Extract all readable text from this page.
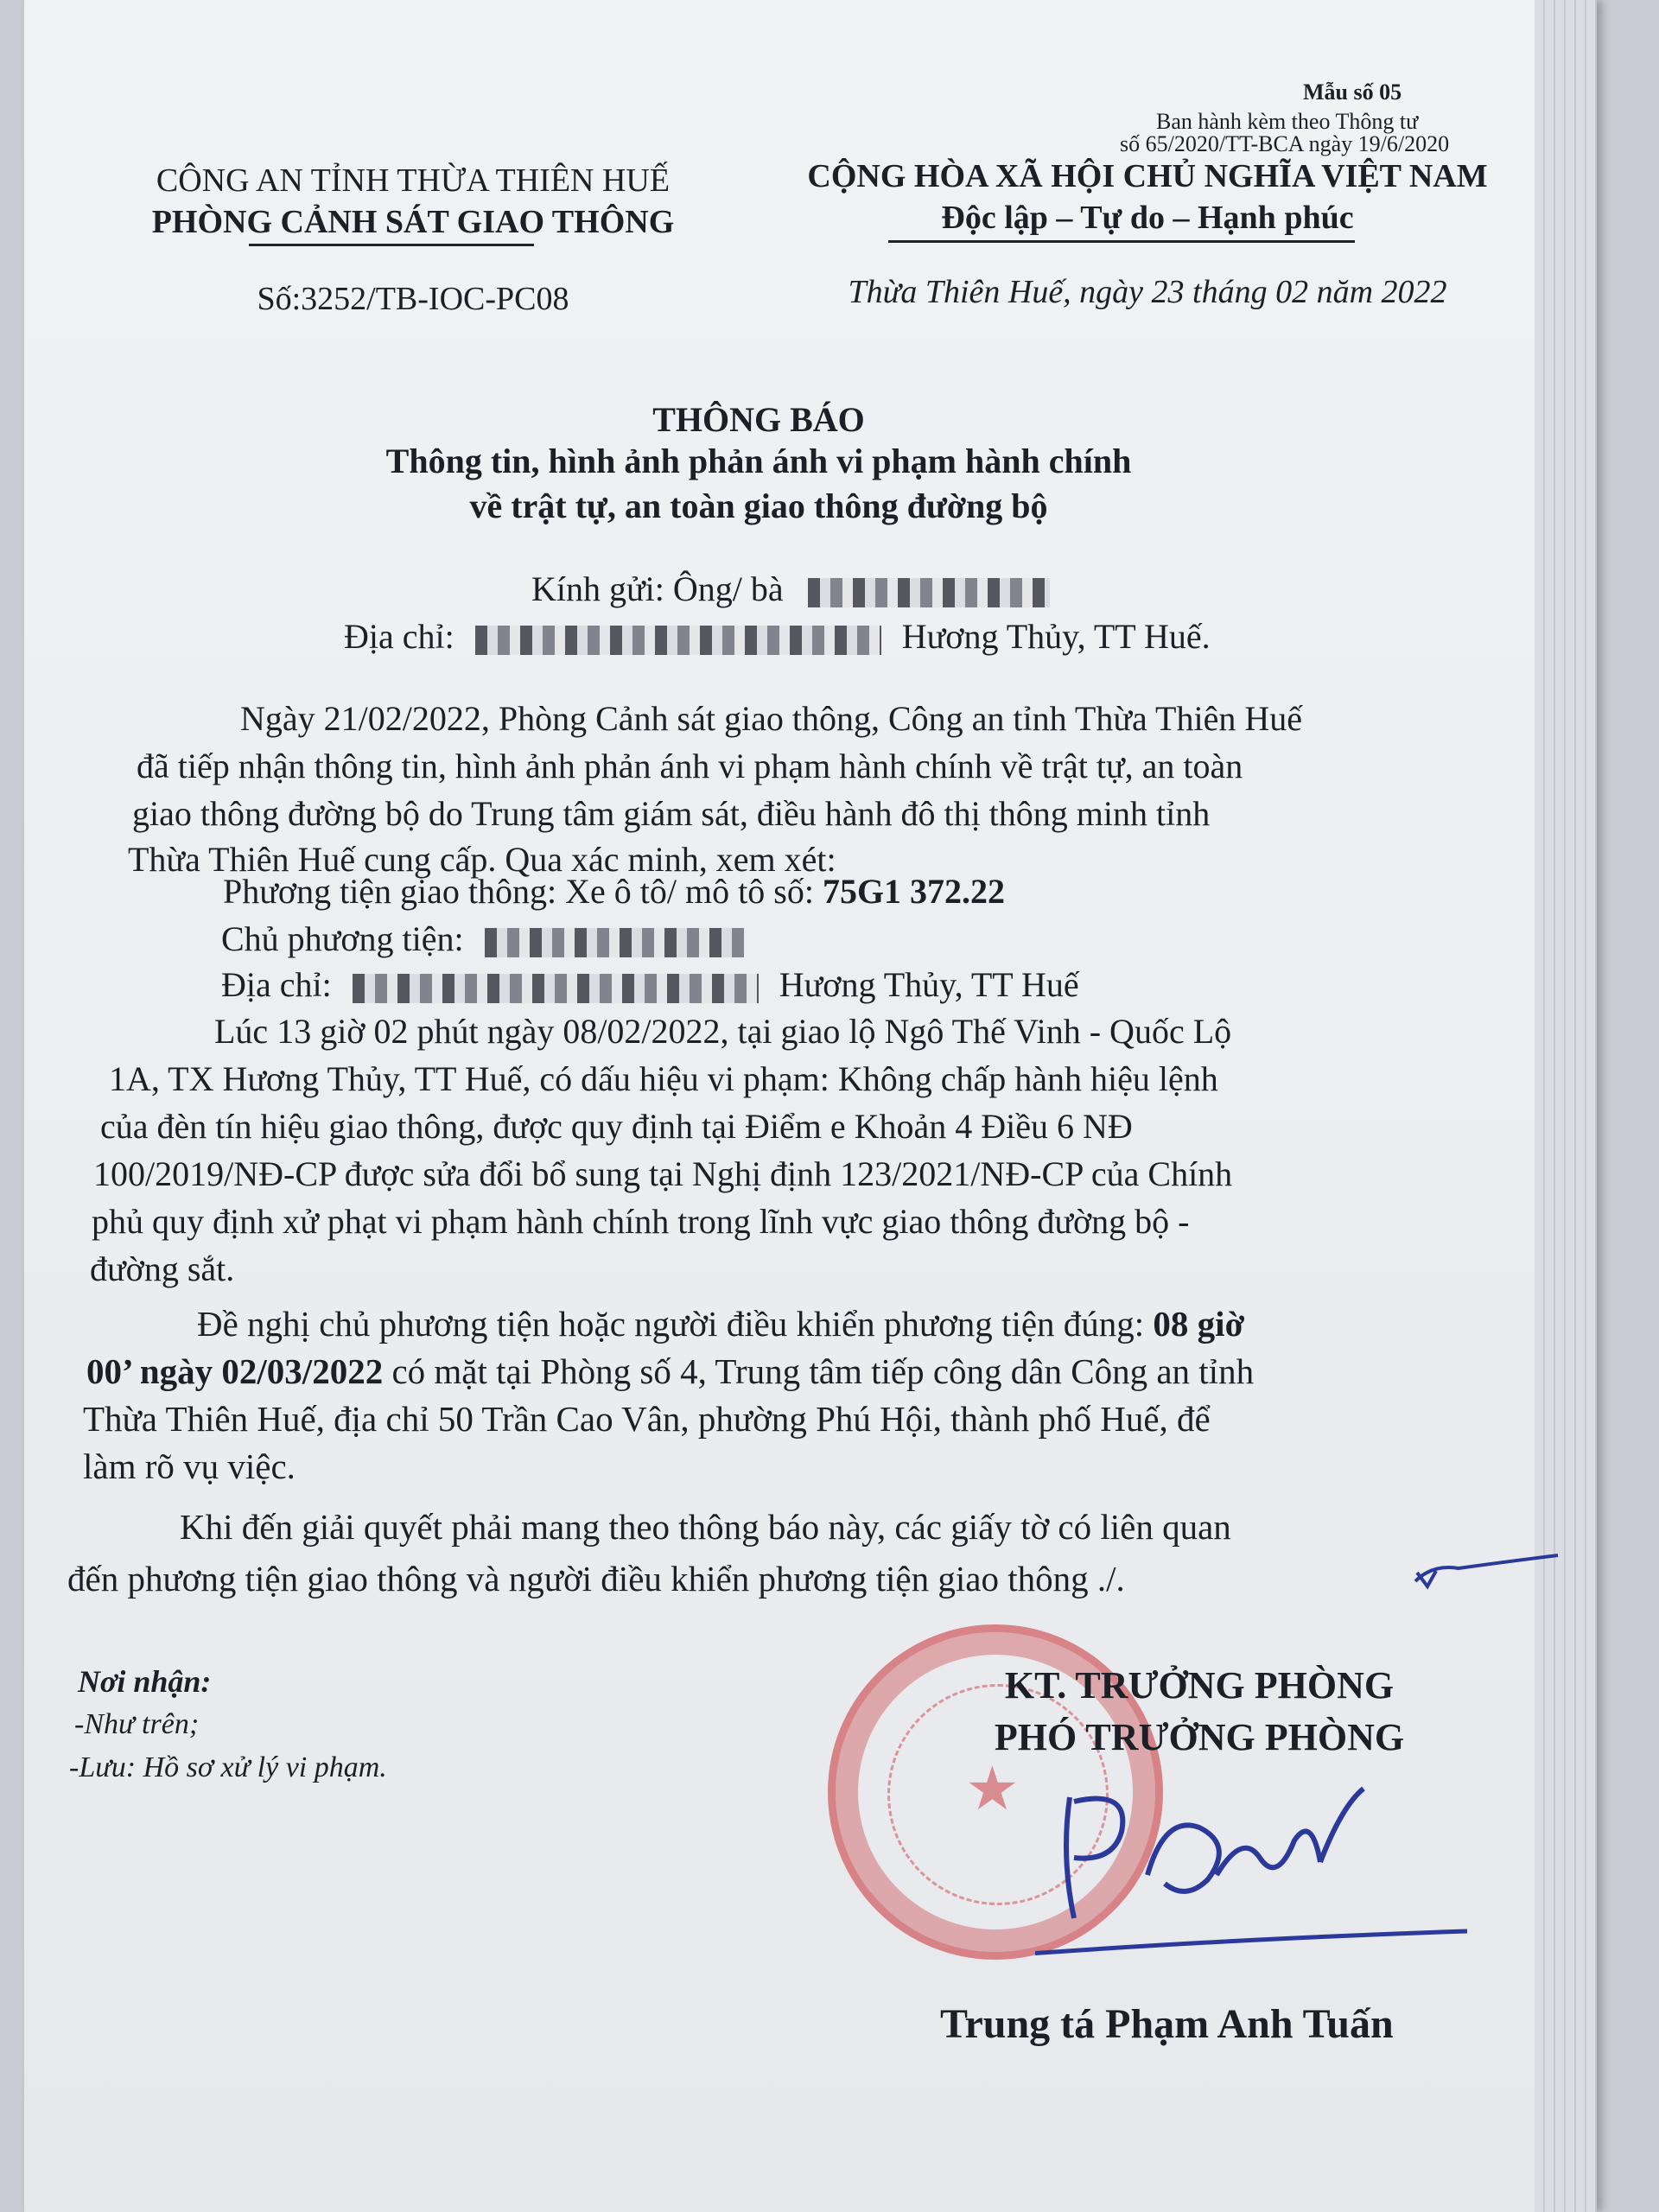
Mẫu số 05
Ban hành kèm theo Thông tư
số 65/2020/TT-BCA ngày 19/6/2020
CÔNG AN TỈNH THỪA THIÊN HUẾ
PHÒNG CẢNH SÁT GIAO THÔNG
Số:3252/TB-IOC-PC08
CỘNG HÒA XÃ HỘI CHỦ NGHĨA VIỆT NAM
Độc lập – Tự do – Hạnh phúc
Thừa Thiên Huế, ngày 23 tháng 02 năm 2022
THÔNG BÁO
Thông tin, hình ảnh phản ánh vi phạm hành chính
về trật tự, an toàn giao thông đường bộ
Kính gửi: Ông/ bà
Địa chỉ:	Hương Thủy, TT Huế.
Ngày 21/02/2022, Phòng Cảnh sát giao thông, Công an tỉnh Thừa Thiên Huế
đã tiếp nhận thông tin, hình ảnh phản ánh vi phạm hành chính về trật tự, an toàn
giao thông đường bộ do Trung tâm giám sát, điều hành đô thị thông minh tỉnh
Thừa Thiên Huế cung cấp. Qua xác minh, xem xét:
Phương tiện giao thông: Xe ô tô/ mô tô số: 75G1 372.22
Chủ phương tiện:
Địa chỉ:	Hương Thủy, TT Huế
Lúc 13 giờ 02 phút ngày 08/02/2022, tại giao lộ Ngô Thế Vinh - Quốc Lộ
1A, TX Hương Thủy, TT Huế, có dấu hiệu vi phạm: Không chấp hành hiệu lệnh
của đèn tín hiệu giao thông, được quy định tại Điểm e Khoản 4 Điều 6 NĐ
100/2019/NĐ-CP được sửa đổi bổ sung tại Nghị định 123/2021/NĐ-CP của Chính
phủ quy định xử phạt vi phạm hành chính trong lĩnh vực giao thông đường bộ -
đường sắt.
Đề nghị chủ phương tiện hoặc người điều khiển phương tiện đúng: 08 giờ
00’ ngày 02/03/2022 có mặt tại Phòng số 4, Trung tâm tiếp công dân Công an tỉnh
Thừa Thiên Huế, địa chỉ 50 Trần Cao Vân, phường Phú Hội, thành phố Huế, để
làm rõ vụ việc.
Khi đến giải quyết phải mang theo thông báo này, các giấy tờ có liên quan
đến phương tiện giao thông và người điều khiển phương tiện giao thông ./.
Nơi nhận:
-Như trên;
-Lưu: Hồ sơ xử lý vi phạm.	★
KT. TRƯỞNG PHÒNG
PHÓ TRƯỞNG PHÒNG
Trung tá Phạm Anh Tuấn
